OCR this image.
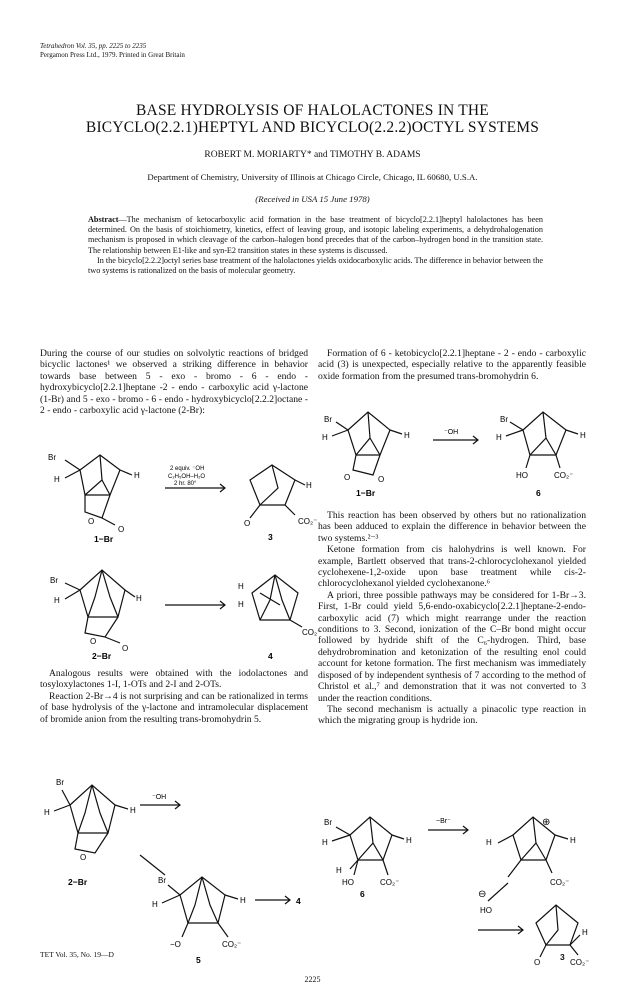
Tetrahedron Vol. 35, pp. 2225 to 2235
Pergamon Press Ltd., 1979. Printed in Great Britain
BASE HYDROLYSIS OF HALOLACTONES IN THE
BICYCLO(2.2.1)HEPTYL AND BICYCLO(2.2.2)OCTYL SYSTEMS
ROBERT M. MORIARTY* and TIMOTHY B. ADAMS
Department of Chemistry, University of Illinois at Chicago Circle, Chicago, IL 60680, U.S.A.
(Received in USA 15 June 1978)
Abstract—The mechanism of ketocarboxylic acid formation in the base treatment of bicyclo[2.2.1]heptyl halolactones has been determined. On the basis of stoichiometry, kinetics, effect of leaving group, and isotopic labeling experiments, a dehydrohalogenation mechanism is proposed in which cleavage of the carbon–halogen bond precedes that of the carbon–hydrogen bond in the transition state. The relationship between E1-like and syn-E2 transition states in these systems is discussed.
In the bicyclo[2.2.2]octyl series base treatment of the halolactones yields oxidocarboxylic acids. The difference in behavior between the two systems is rationalized on the basis of molecular geometry.

During the course of our studies on solvolytic reactions of bridged bicyclic lactones¹ we observed a striking difference in behavior towards base between 5 - exo - bromo - 6 - endo - hydroxybicyclo[2.2.1]heptane -2 - endo - carboxylic acid γ-lactone (1-Br) and 5 - exo - bromo - 6 - endo - hydroxybicyclo[2.2.2]octane - 2 - endo - carboxylic acid γ-lactone (2-Br):

Analogous results were obtained with the iodolactones and tosyloxylactones 1-I, 1-OTs and 2-I and 2-OTs.

Reaction 2-Br→4 is not surprising and can be rationalized in terms of base hydrolysis of the γ-lactone and intramolecular displacement of bromide anion from the resulting trans-bromohydrin 5.

Formation of 6 - ketobicyclo[2.2.1]heptane - 2 - endo - carboxylic acid (3) is unexpected, especially relative to the apparently feasible oxide formation from the presumed trans-bromohydrin 6.

This reaction has been observed by others but no rationalization has been adduced to explain the difference in behavior between the two systems.²⁻³

Ketone formation from cis halohydrins is well known. For example, Bartlett observed that trans-2-chlorocyclohexanol yielded cyclohexene-1,2-oxide upon base treatment while cis-2-chlorocyclohexanol yielded cyclohexanone.⁶

A priori, three possible pathways may be considered for 1-Br→3. First, 1-Br could yield 5,6-endo-oxabicyclo[2.2.1]heptane-2-endo-carboxylic acid (7) which might rearrange under the reaction conditions to 3. Second, ionization of the C–Br bond might occur followed by hydride shift of the C₆-hydrogen. Third, base dehydrobromination and ketonization of the resulting enol could account for ketone formation. The first mechanism was immediately disposed of by independent synthesis of 7 according to the method of Christol et al.,⁷ and demonstration that it was not converted to 3 under the reaction conditions.

The second mechanism is actually a pinacolic type reaction in which the migrating group is hydride ion.

Br
H	H
O
O
2 equiv. ⁻OH
C₂H₅OH–H₂O
2 hr. 80°
O	CO₂⁻
H
1−Br	3
Br
H	H
O
O
H
H
CO₂⁻
2−Br	4
Br
H	H
O
⁻OH
Br
H	H
−O	CO₂⁻
4
2−Br
5
Br
H	H
O	O
⁻OH
Br
H	H
HO	CO₂⁻
1−Br	6
Br
H	H
H
HO	CO₂⁻
−Br⁻
H	H
⊕
⊖
HO
CO₂⁻
O
H
CO₂⁻
6
3
TET Vol. 35, No. 19—D
2225
